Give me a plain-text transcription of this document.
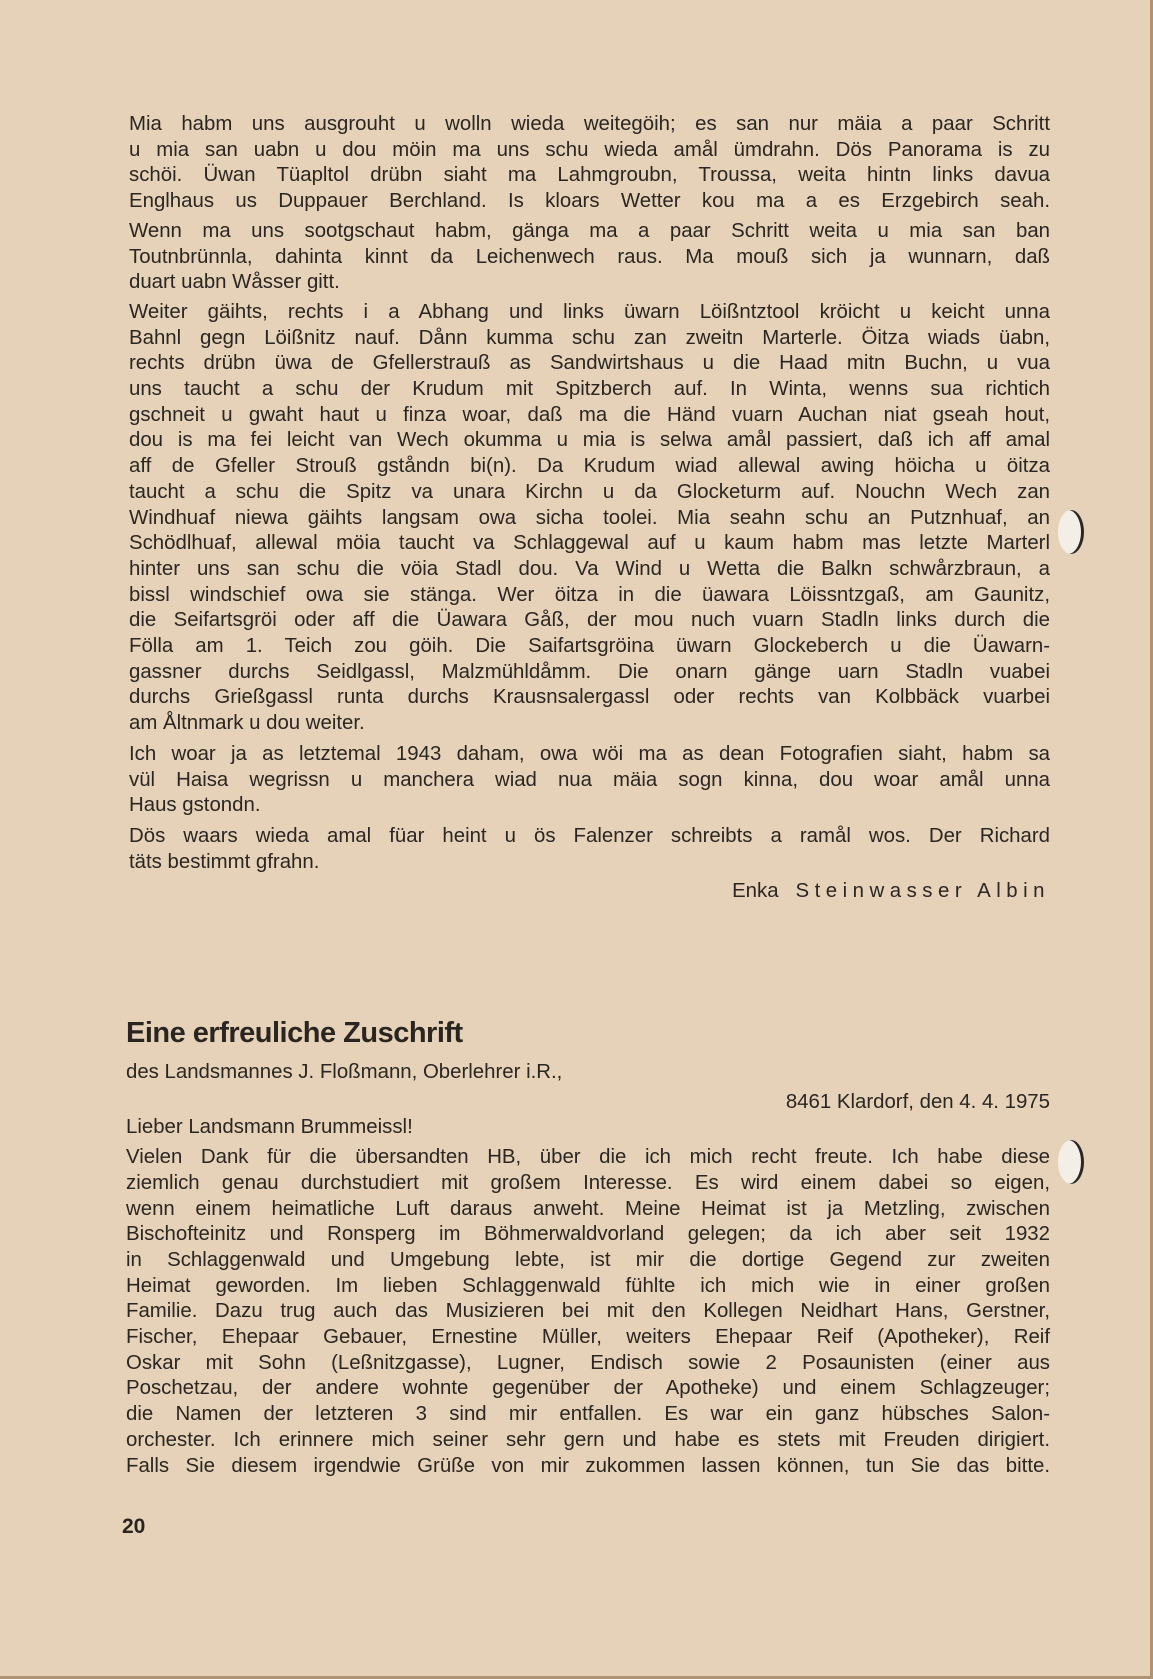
Mia habm uns ausgrouht u wolln wieda weitegöih; es san nur mäia a paar Schritt
u mia san uabn u dou möin ma uns schu wieda amål ümdrahn. Dös Panorama is zu
schöi. Üwan Tüapltol drübn siaht ma Lahmgroubn, Troussa, weita hintn links davua
Englhaus us Duppauer Berchland. Is kloars Wetter kou ma a es Erzgebirch seah.
Wenn ma uns sootgschaut habm, gänga ma a paar Schritt weita u mia san ban
Toutnbrünnla, dahinta kinnt da Leichenwech raus. Ma mouß sich ja wunnarn, daß
duart uabn Wåsser gitt.
Weiter gäihts, rechts i a Abhang und links üwarn Löißntztool kröicht u keicht unna
Bahnl gegn Löißnitz nauf. Dånn kumma schu zan zweitn Marterle. Öitza wiads üabn,
rechts drübn üwa de Gfellerstrauß as Sandwirtshaus u die Haad mitn Buchn, u vua
uns taucht a schu der Krudum mit Spitzberch auf. In Winta, wenns sua richtich
gschneit u gwaht haut u finza woar, daß ma die Händ vuarn Auchan niat gseah hout,
dou is ma fei leicht van Wech okumma u mia is selwa amål passiert, daß ich aff amal
aff de Gfeller Strouß gståndn bi(n). Da Krudum wiad allewal awing höicha u öitza
taucht a schu die Spitz va unara Kirchn u da Glocketurm auf. Nouchn Wech zan
Windhuaf niewa gäihts langsam owa sicha toolei. Mia seahn schu an Putznhuaf, an
Schödlhuaf, allewal möia taucht va Schlaggewal auf u kaum habm mas letzte Marterl
hinter uns san schu die vöia Stadl dou. Va Wind u Wetta die Balkn schwårzbraun, a
bissl windschief owa sie stänga. Wer öitza in die üawara Löissntzgaß, am Gaunitz,
die Seifartsgröi oder aff die Üawara Gåß, der mou nuch vuarn Stadln links durch die
Fölla am 1. Teich zou göih. Die Saifartsgröina üwarn Glockeberch u die Üawarn-
gassner durchs Seidlgassl, Malzmühldåmm. Die onarn gänge uarn Stadln vuabei
durchs Grießgassl runta durchs Krausnsalergassl oder rechts van Kolbbäck vuarbei
am Åltnmark u dou weiter.
Ich woar ja as letztemal 1943 daham, owa wöi ma as dean Fotografien siaht, habm sa
vül Haisa wegrissn u manchera wiad nua mäia sogn kinna, dou woar amål unna
Haus gstondn.
Dös waars wieda amal füar heint u ös Falenzer schreibts a ramål wos. Der Richard
täts bestimmt gfrahn.
Enka Steinwasser Albin
Eine erfreuliche Zuschrift
des Landsmannes J. Floßmann, Oberlehrer i.R.,
8461 Klardorf, den 4. 4. 1975
Lieber Landsmann Brummeissl!
Vielen Dank für die übersandten HB, über die ich mich recht freute. Ich habe diese
ziemlich genau durchstudiert mit großem Interesse. Es wird einem dabei so eigen,
wenn einem heimatliche Luft daraus anweht. Meine Heimat ist ja Metzling, zwischen
Bischofteinitz und Ronsperg im Böhmerwaldvorland gelegen; da ich aber seit 1932
in Schlaggenwald und Umgebung lebte, ist mir die dortige Gegend zur zweiten
Heimat geworden. Im lieben Schlaggenwald fühlte ich mich wie in einer großen
Familie. Dazu trug auch das Musizieren bei mit den Kollegen Neidhart Hans, Gerstner,
Fischer, Ehepaar Gebauer, Ernestine Müller, weiters Ehepaar Reif (Apotheker), Reif
Oskar mit Sohn (Leßnitzgasse), Lugner, Endisch sowie 2 Posaunisten (einer aus
Poschetzau, der andere wohnte gegenüber der Apotheke) und einem Schlagzeuger;
die Namen der letzteren 3 sind mir entfallen. Es war ein ganz hübsches Salon-
orchester. Ich erinnere mich seiner sehr gern und habe es stets mit Freuden dirigiert.
Falls Sie diesem irgendwie Grüße von mir zukommen lassen können, tun Sie das bitte.
20
